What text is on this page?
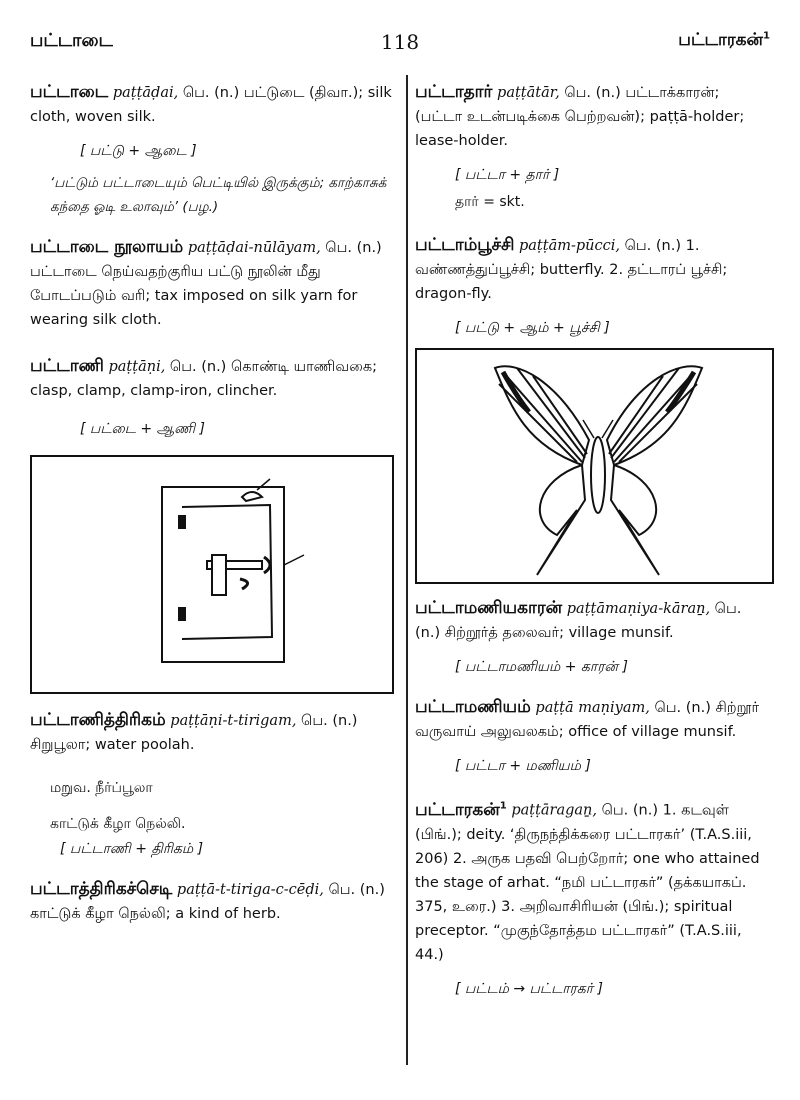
பட்டாடை	118	பட்டாரகன்$^1$
பட்டாடை paṭṭāḍai, பெ. (n.) பட்டுடை (திவா.); silk cloth, woven silk.
[ பட்டு + ஆடை ]
‘பட்டும் பட்டாடையும் பெட்டியில் இருக்கும்; காற்காசுக் கந்தை ஓடி உலாவும்’ (பழ.)
பட்டாடை நூலாயம் paṭṭāḍai-nūlāyam, பெ. (n.) பட்டாடை நெய்வதற்குரிய பட்டு நூலின் மீது போடப்படும் வரி; tax imposed on silk yarn for wearing silk cloth.
பட்டாணி paṭṭāṇi, பெ. (n.) கொண்டி யாணிவகை; clasp, clamp, clamp-iron, clincher.
[ பட்டை + ஆணி ]
பட்டாணித்திரிகம் paṭṭāṇi-t-tirigam, பெ. (n.) சிறுபூலா; water poolah.
மறுவ. நீர்ப்பூலா
காட்டுக் கீழா நெல்லி.
[ பட்டாணி + திரிகம் ]
பட்டாத்திரிகச்செடி paṭṭā-t-tiriga-c-cēḍi, பெ. (n.) காட்டுக் கீழா நெல்லி; a kind of herb.
பட்டாதார் paṭṭātār, பெ. (n.) பட்டாக்காரன்; (பட்டா உடன்படிக்கை பெற்றவன்); paṭṭā-holder; lease-holder.
[ பட்டா + தார் ]
தார் = skt.
பட்டாம்பூச்சி paṭṭām-pūcci, பெ. (n.) 1. வண்ணத்துப்பூச்சி; butterfly. 2. தட்டாரப் பூச்சி; dragon-fly.
[ பட்டு + ஆம் + பூச்சி ]
பட்டாமணியகாரன் paṭṭāmaṇiya-kāraṉ, பெ. (n.) சிற்றூர்த் தலைவர்; village munsif.
[ பட்டாமணியம் + காரன் ]
பட்டாமணியம் paṭṭā maṇiyam, பெ. (n.) சிற்றூர் வருவாய் அலுவலகம்; office of village munsif.
[ பட்டா + மணியம் ]
பட்டாரகன்$^1$ paṭṭāragaṉ, பெ. (n.) 1. கடவுள் (பிங்.); deity. ‘திருநந்திக்கரை பட்டாரகர்’ (T.A.S.iii, 206) 2. அருக பதவி பெற்றோர்; one who attained the stage of arhat. “நமி பட்டாரகர்” (தக்கயாகப். 375, உரை.) 3. அறிவாசிரியன் (பிங்.); spiritual preceptor. “முகுந்தோத்தம பட்டாரகர்” (T.A.S.iii, 44.)
[ பட்டம் → பட்டாரகர் ]
